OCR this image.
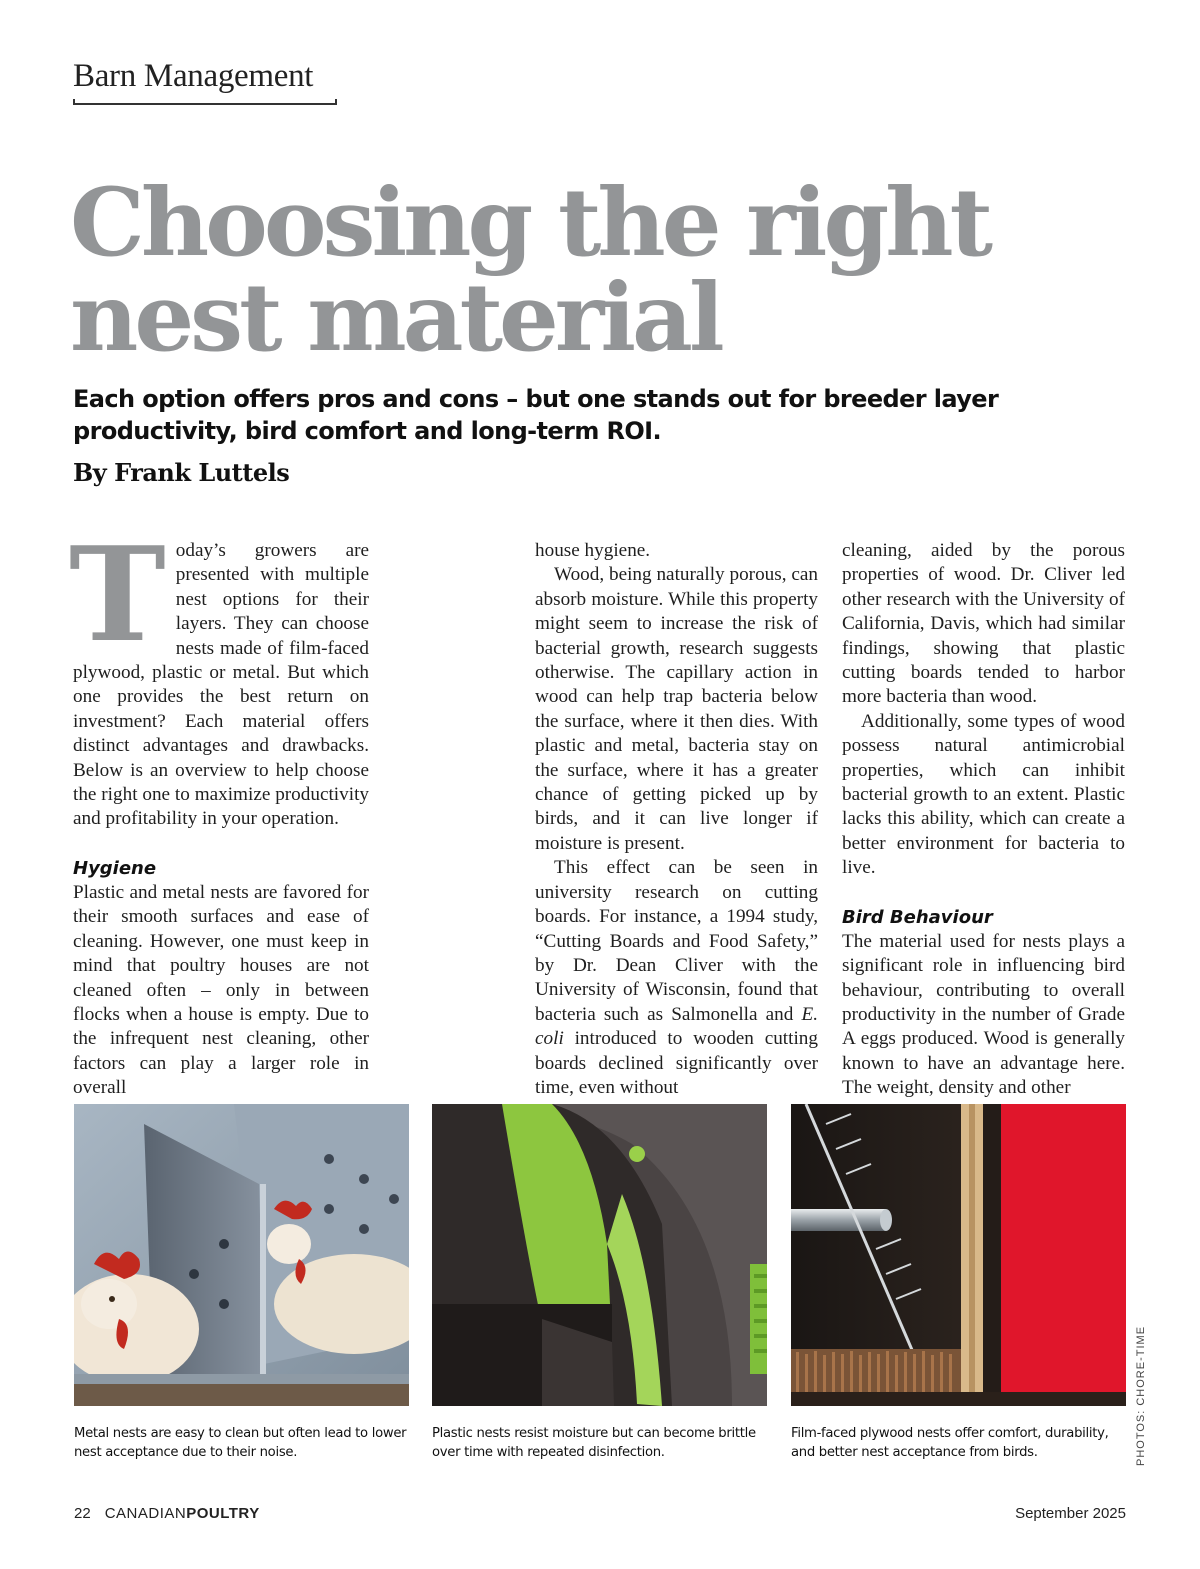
Barn Management
Choosing the right nest material

Each option offers pros and cons – but one stands out for breeder layer productivity, bird comfort and long-term ROI.

By Frank Luttels

T oday’s growers are presented with multiple nest options for their layers. They can choose nests made of film-faced plywood, plastic or metal. But which one provides the best return on investment? Each material offers distinct advantages and drawbacks. Below is an overview to help choose the right one to maximize productivity and profitability in your operation.

Hygiene

Plastic and metal nests are favored for their smooth surfaces and ease of cleaning. However, one must keep in mind that poultry houses are not cleaned often – only in between flocks when a house is empty. Due to the infrequent nest cleaning, other factors can play a larger role in overall

house hygiene.

Wood, being naturally porous, can absorb moisture. While this property might seem to increase the risk of bacterial growth, research suggests otherwise. The capillary action in wood can help trap bacteria below the surface, where it then dies. With plastic and metal, bacteria stay on the surface, where it has a greater chance of getting picked up by birds, and it can live longer if moisture is present.

This effect can be seen in university research on cutting boards. For instance, a 1994 study, “Cutting Boards and Food Safety,” by Dr. Dean Cliver with the University of Wisconsin, found that bacteria such as Salmonella and E. coli introduced to wooden cutting boards declined significantly over time, even without

cleaning, aided by the porous properties of wood. Dr. Cliver led other research with the University of California, Davis, which had similar findings, showing that plastic cutting boards tended to harbor more bacteria than wood.

Additionally, some types of wood possess natural antimicrobial properties, which can inhibit bacterial growth to an extent. Plastic lacks this ability, which can create a better environment for bacteria to live.

Bird Behaviour

The material used for nests plays a significant role in influencing bird behaviour, contributing to overall productivity in the number of Grade A eggs produced. Wood is generally known to have an advantage here. The weight, density and other

Metal nests are easy to clean but often lead to lower nest acceptance due to their noise.
Plastic nests resist moisture but can become brittle over time with repeated disinfection.
Film-faced plywood nests offer comfort, durability, and better nest acceptance from birds.	PHOTOS: CHORE-TIME
22 CANADIANPOULTRY	September 2025
